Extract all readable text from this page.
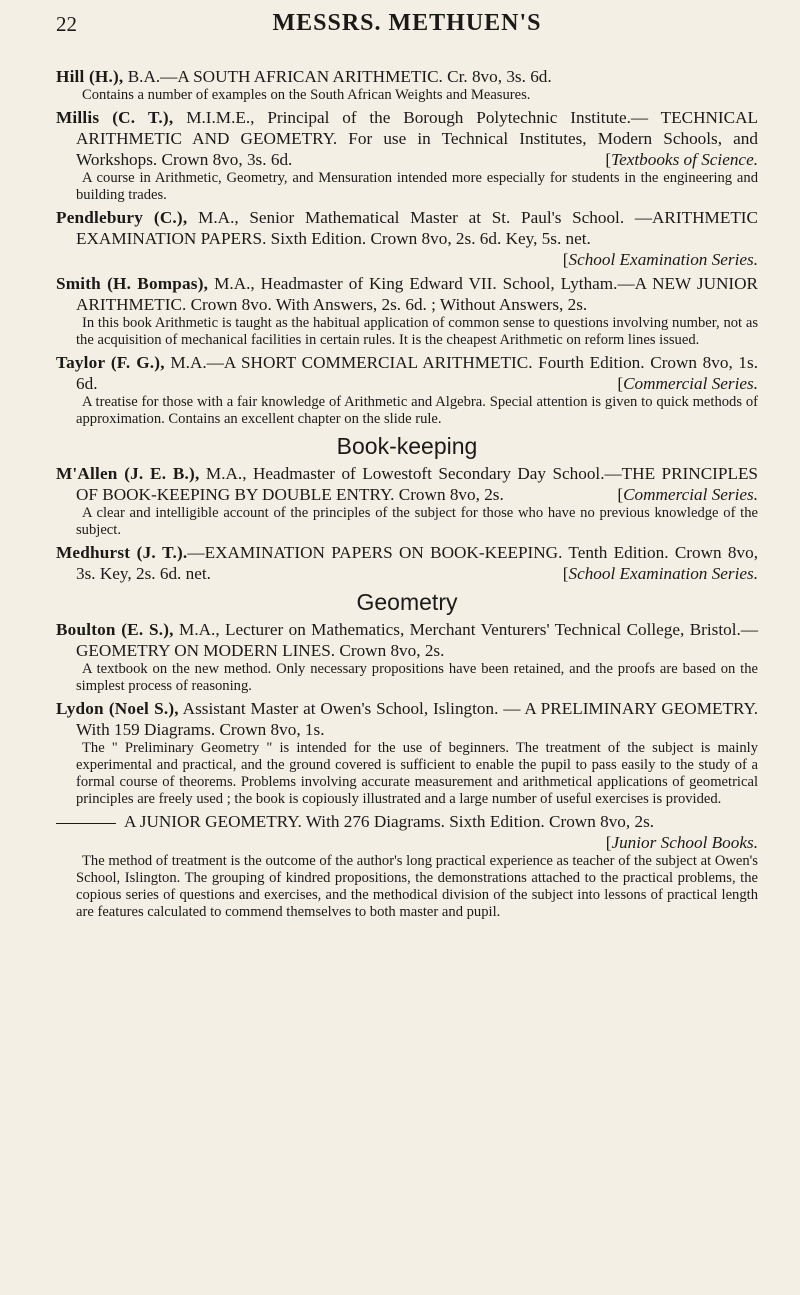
22	MESSRS. METHUEN'S
Hill (H.), B.A.—A SOUTH AFRICAN ARITHMETIC. Cr. 8vo, 3s. 6d.
Contains a number of examples on the South African Weights and Measures.
Millis (C. T.), M.I.M.E., Principal of the Borough Polytechnic Institute.— TECHNICAL ARITHMETIC AND GEOMETRY. For use in Technical Institutes, Modern Schools, and Workshops. Crown 8vo, 3s. 6d.	[ Textbooks of Science.
A course in Arithmetic, Geometry, and Mensuration intended more especially for students in the engineering and building trades.
Pendlebury (C.), M.A., Senior Mathematical Master at St. Paul's School. —ARITHMETIC EXAMINATION PAPERS. Sixth Edition. Crown 8vo, 2s. 6d. Key, 5s. net.
[ School Examination Series.
Smith (H. Bompas), M.A., Headmaster of King Edward VII. School, Lytham.—A NEW JUNIOR ARITHMETIC. Crown 8vo. With Answers, 2s. 6d. ; Without Answers, 2s.
In this book Arithmetic is taught as the habitual application of common sense to questions involving number, not as the acquisition of mechanical facilities in certain rules. It is the cheapest Arithmetic on reform lines issued.
Taylor (F. G.), M.A.—A SHORT COMMERCIAL ARITHMETIC. Fourth Edition. Crown 8vo, 1s. 6d.	[ Commercial Series.
A treatise for those with a fair knowledge of Arithmetic and Algebra. Special attention is given to quick methods of approximation. Contains an excellent chapter on the slide rule.
Book-keeping
M'Allen (J. E. B.), M.A., Headmaster of Lowestoft Secondary Day School.—THE PRINCIPLES OF BOOK-KEEPING BY DOUBLE ENTRY. Crown 8vo, 2s.	[ Commercial Series.
A clear and intelligible account of the principles of the subject for those who have no previous knowledge of the subject.
Medhurst (J. T.).—EXAMINATION PAPERS ON BOOK-KEEPING. Tenth Edition. Crown 8vo, 3s. Key, 2s. 6d. net.	[ School Examination Series.
Geometry
Boulton (E. S.), M.A., Lecturer on Mathematics, Merchant Venturers' Technical College, Bristol.—GEOMETRY ON MODERN LINES. Crown 8vo, 2s.
A textbook on the new method. Only necessary propositions have been retained, and the proofs are based on the simplest process of reasoning.
Lydon (Noel S.), Assistant Master at Owen's School, Islington. — A PRELIMINARY GEOMETRY. With 159 Diagrams. Crown 8vo, 1s.
The " Preliminary Geometry " is intended for the use of beginners. The treatment of the subject is mainly experimental and practical, and the ground covered is sufficient to enable the pupil to pass easily to the study of a formal course of theorems. Problems involving accurate measurement and arithmetical applications of geometrical principles are freely used ; the book is copiously illustrated and a large number of useful exercises is provided.
A JUNIOR GEOMETRY. With 276 Diagrams. Sixth Edition. Crown 8vo, 2s.
[ Junior School Books.
The method of treatment is the outcome of the author's long practical experience as teacher of the subject at Owen's School, Islington. The grouping of kindred propositions, the demonstrations attached to the practical problems, the copious series of questions and exercises, and the methodical division of the subject into lessons of practical length are features calculated to commend themselves to both master and pupil.
